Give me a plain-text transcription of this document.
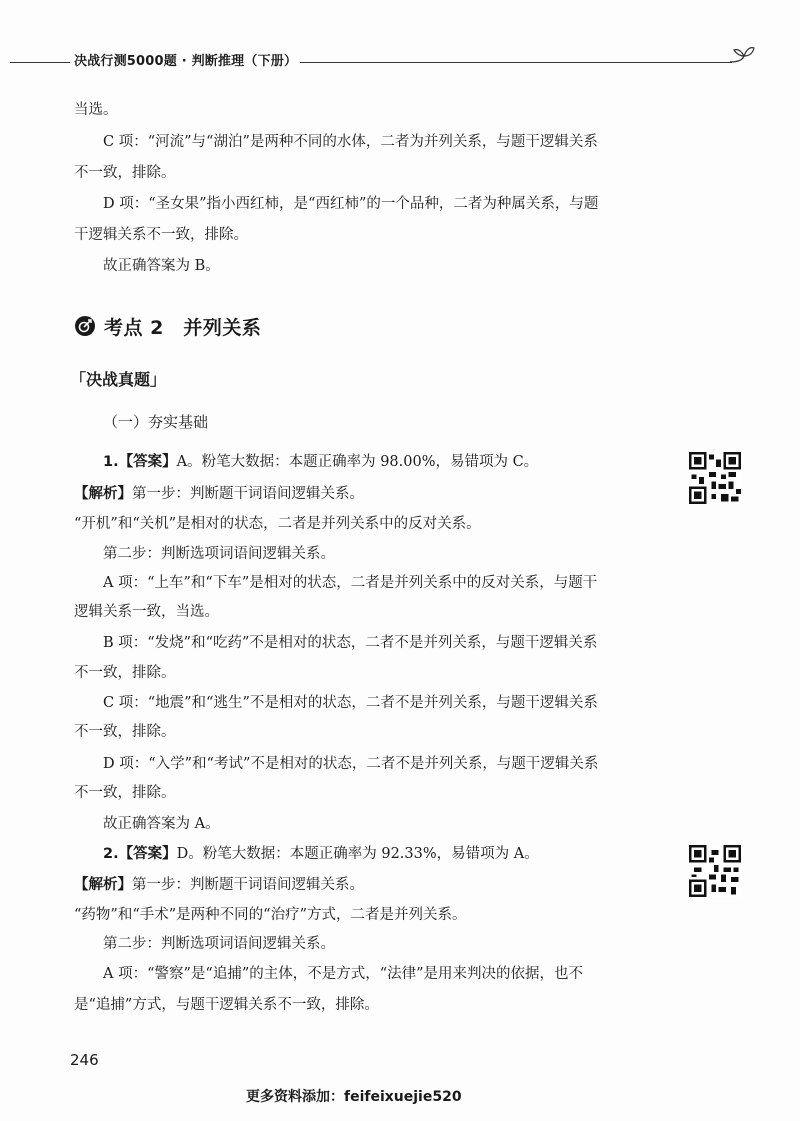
决战行测5000题 · 判断推理（下册）
当选。
C 项：“河流”与“湖泊”是两种不同的水体，二者为并列关系，与题干逻辑关系
不一致，排除。
D 项：“圣女果”指小西红柿，是“西红柿”的一个品种，二者为种属关系，与题
干逻辑关系不一致，排除。
故正确答案为 B。
考点 2　并列关系
「决战真题」
（一）夯实基础
1.【答案】A。粉笔大数据：本题正确率为 98.00%，易错项为 C。
【解析】第一步：判断题干词语间逻辑关系。
“开机”和“关机”是相对的状态，二者是并列关系中的反对关系。
第二步：判断选项词语间逻辑关系。
A 项：“上车”和“下车”是相对的状态，二者是并列关系中的反对关系，与题干
逻辑关系一致，当选。
B 项：“发烧”和“吃药”不是相对的状态，二者不是并列关系，与题干逻辑关系
不一致，排除。
C 项：“地震”和“逃生”不是相对的状态，二者不是并列关系，与题干逻辑关系
不一致，排除。
D 项：“入学”和“考试”不是相对的状态，二者不是并列关系，与题干逻辑关系
不一致，排除。
故正确答案为 A。
2.【答案】D。粉笔大数据：本题正确率为 92.33%，易错项为 A。
【解析】第一步：判断题干词语间逻辑关系。
“药物”和“手术”是两种不同的“治疗”方式，二者是并列关系。
第二步：判断选项词语间逻辑关系。
A 项：“警察”是“追捕”的主体，不是方式，“法律”是用来判决的依据，也不
是“追捕”方式，与题干逻辑关系不一致，排除。
246
更多资料添加：feifeixuejie520
